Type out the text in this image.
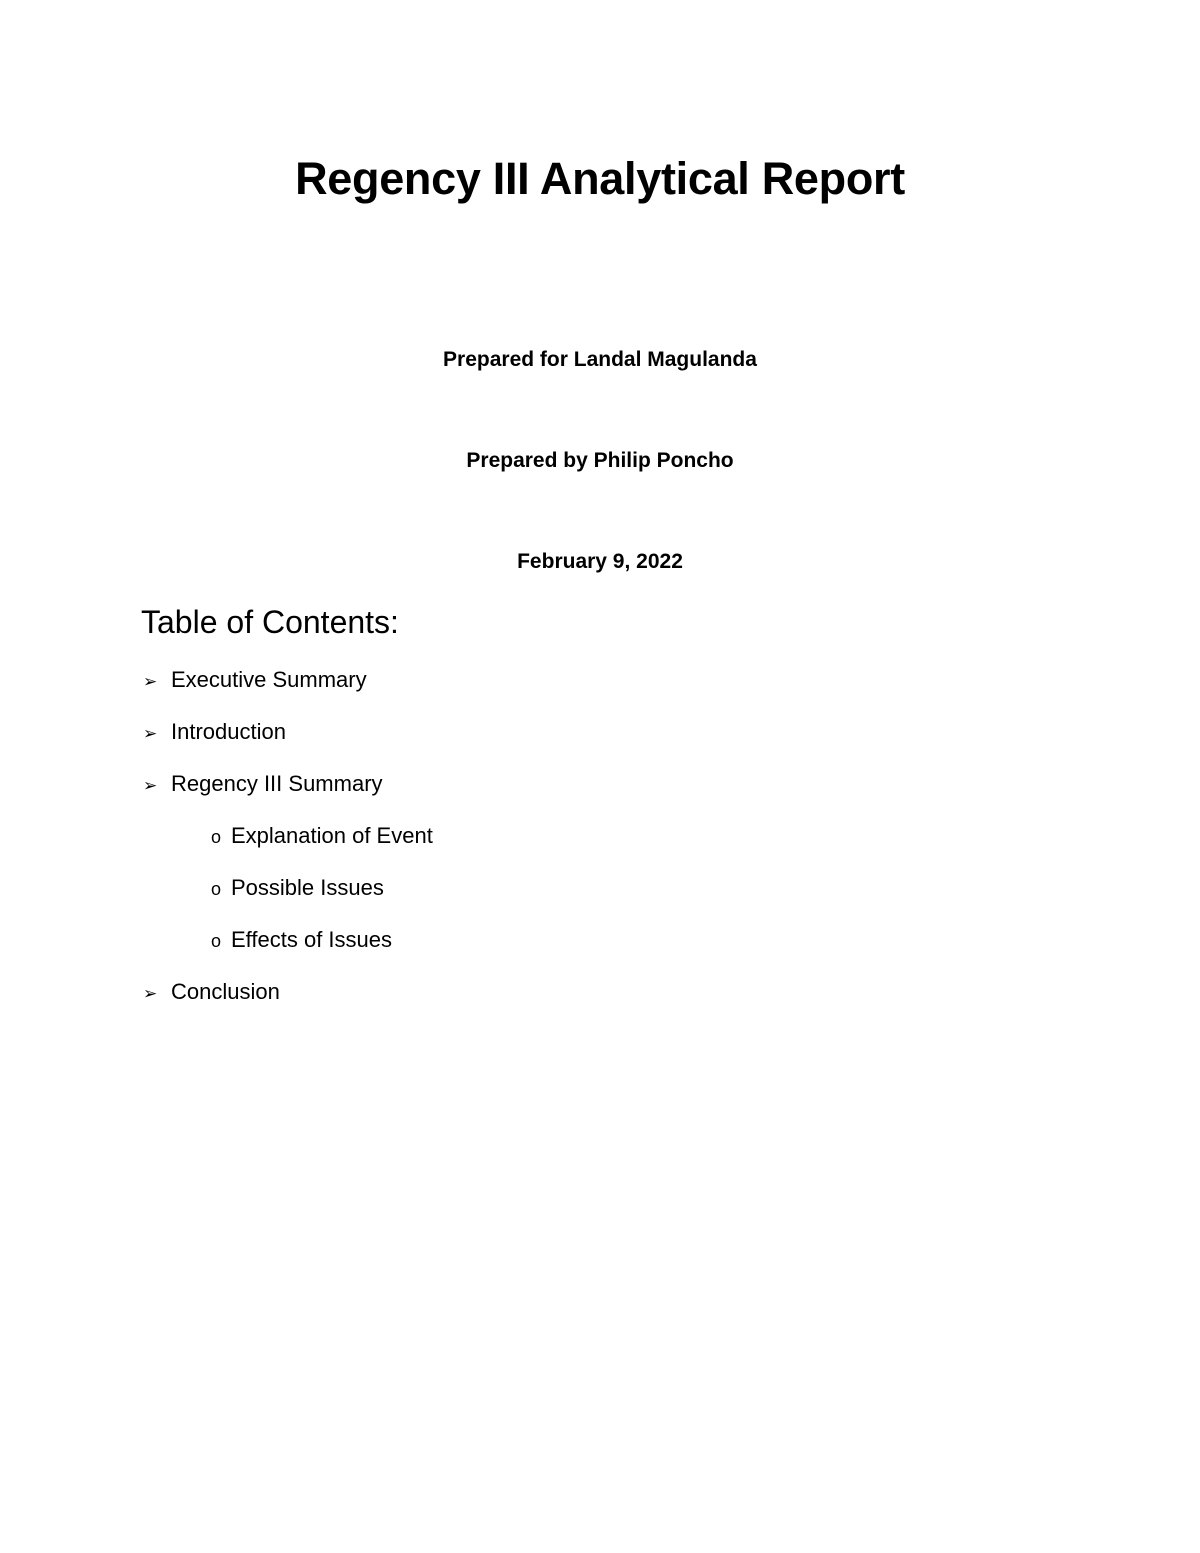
Regency III Analytical Report
Prepared for Landal Magulanda
Prepared by Philip Poncho
February 9, 2022
Table of Contents:
➢ Executive Summary
➢ Introduction
➢ Regency III Summary
o Explanation of Event
o Possible Issues
o Effects of Issues
➢ Conclusion
